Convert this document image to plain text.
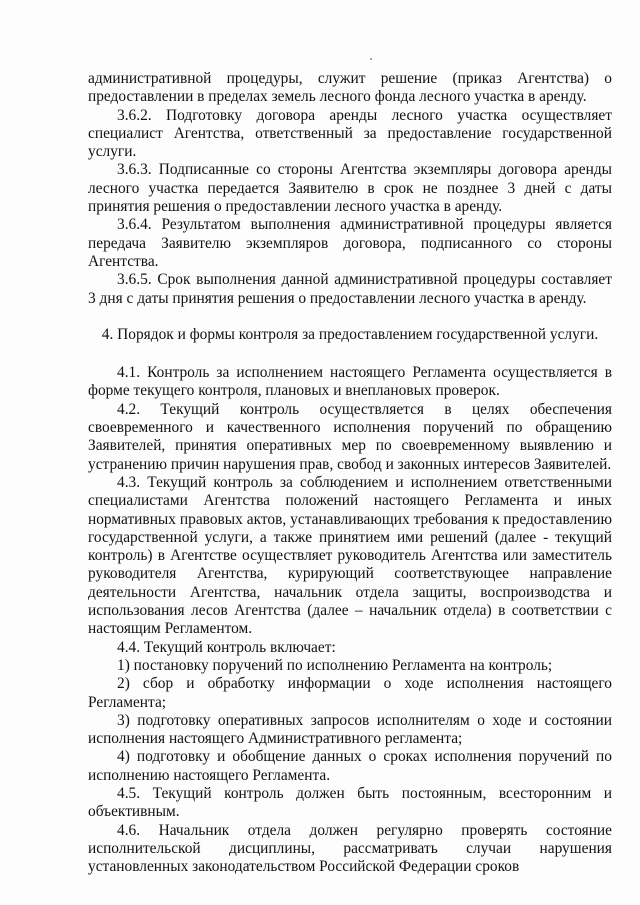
административной процедуры, служит решение (приказ Агентства) о предоставлении в пределах земель лесного фонда лесного участка в аренду.

3.6.2. Подготовку договора аренды лесного участка осуществляет специалист Агентства, ответственный за предоставление государственной услуги.

3.6.3. Подписанные со стороны Агентства экземпляры договора аренды лесного участка передается Заявителю в срок не позднее 3 дней с даты принятия решения о предоставлении лесного участка в аренду.

3.6.4. Результатом выполнения административной процедуры является передача Заявителю экземпляров договора, подписанного со стороны Агентства.

3.6.5. Срок выполнения данной административной процедуры составляет 3 дня с даты принятия решения о предоставлении лесного участка в аренду.

4. Порядок и формы контроля за предоставлением государственной услуги.

4.1. Контроль за исполнением настоящего Регламента осуществляется в форме текущего контроля, плановых и внеплановых проверок.

4.2. Текущий контроль осуществляется в целях обеспечения своевременного и качественного исполнения поручений по обращению Заявителей, принятия оперативных мер по своевременному выявлению и устранению причин нарушения прав, свобод и законных интересов Заявителей.

4.3. Текущий контроль за соблюдением и исполнением ответственными специалистами Агентства положений настоящего Регламента и иных нормативных правовых актов, устанавливающих требования к предоставлению государственной услуги, а также принятием ими решений (далее - текущий контроль) в Агентстве осуществляет руководитель Агентства или заместитель руководителя Агентства, курирующий соответствующее направление деятельности Агентства, начальник отдела защиты, воспроизводства и использования лесов Агентства (далее – начальник отдела) в соответствии с настоящим Регламентом.

4.4. Текущий контроль включает:

1) постановку поручений по исполнению Регламента на контроль;

2) сбор и обработку информации о ходе исполнения настоящего Регламента;

3) подготовку оперативных запросов исполнителям о ходе и состоянии исполнения настоящего Административного регламента;

4) подготовку и обобщение данных о сроках исполнения поручений по исполнению настоящего Регламента.

4.5. Текущий контроль должен быть постоянным, всесторонним и объективным.

4.6. Начальник отдела должен регулярно проверять состояние исполнительской дисциплины, рассматривать случаи нарушения установленных законодательством Российской Федерации сроков
